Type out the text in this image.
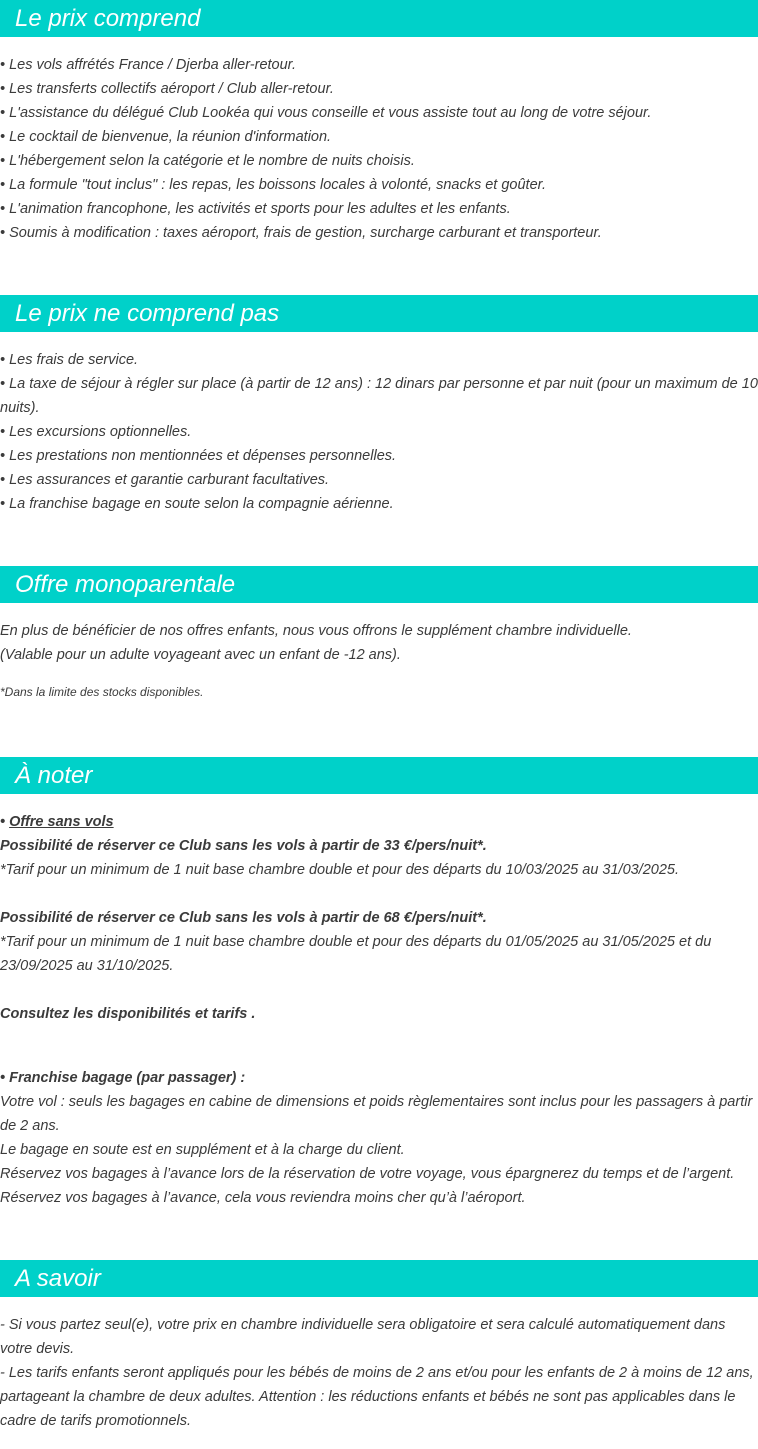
Le prix comprend
• Les vols affrétés France / Djerba aller-retour.
• Les transferts collectifs aéroport / Club aller-retour.
• L'assistance du délégué Club Lookéa qui vous conseille et vous assiste tout au long de votre séjour.
• Le cocktail de bienvenue, la réunion d'information.
• L'hébergement selon la catégorie et le nombre de nuits choisis.
• La formule "tout inclus" : les repas, les boissons locales à volonté, snacks et goûter.
• L'animation francophone, les activités et sports pour les adultes et les enfants.
• Soumis à modification : taxes aéroport, frais de gestion, surcharge carburant et transporteur.
Le prix ne comprend pas
• Les frais de service.
• La taxe de séjour à régler sur place (à partir de 12 ans) : 12 dinars par personne et par nuit (pour un maximum de 10 nuits).
• Les excursions optionnelles.
• Les prestations non mentionnées et dépenses personnelles.
• Les assurances et garantie carburant facultatives.
• La franchise bagage en soute selon la compagnie aérienne.
Offre monoparentale
En plus de bénéficier de nos offres enfants, nous vous offrons le supplément chambre individuelle.
(Valable pour un adulte voyageant avec un enfant de -12 ans).
*Dans la limite des stocks disponibles.
À noter
• Offre sans vols
Possibilité de réserver ce Club sans les vols à partir de 33 €/pers/nuit*.
*Tarif pour un minimum de 1 nuit base chambre double et pour des départs du 10/03/2025 au 31/03/2025.
Possibilité de réserver ce Club sans les vols à partir de 68 €/pers/nuit*.
*Tarif pour un minimum de 1 nuit base chambre double et pour des départs du 01/05/2025 au 31/05/2025 et du 23/09/2025 au 31/10/2025.
Consultez les disponibilités et tarifs .
• Franchise bagage (par passager) :
Votre vol : seuls les bagages en cabine de dimensions et poids règlementaires sont inclus pour les passagers à partir de 2 ans.
Le bagage en soute est en supplément et à la charge du client.
Réservez vos bagages à l’avance lors de la réservation de votre voyage, vous épargnerez du temps et de l’argent.
Réservez vos bagages à l’avance, cela vous reviendra moins cher qu’à l’aéroport.
A savoir
- Si vous partez seul(e), votre prix en chambre individuelle sera obligatoire et sera calculé automatiquement dans votre devis.
- Les tarifs enfants seront appliqués pour les bébés de moins de 2 ans et/ou pour les enfants de 2 à moins de 12 ans, partageant la chambre de deux adultes. Attention : les réductions enfants et bébés ne sont pas applicables dans le cadre de tarifs promotionnels.
